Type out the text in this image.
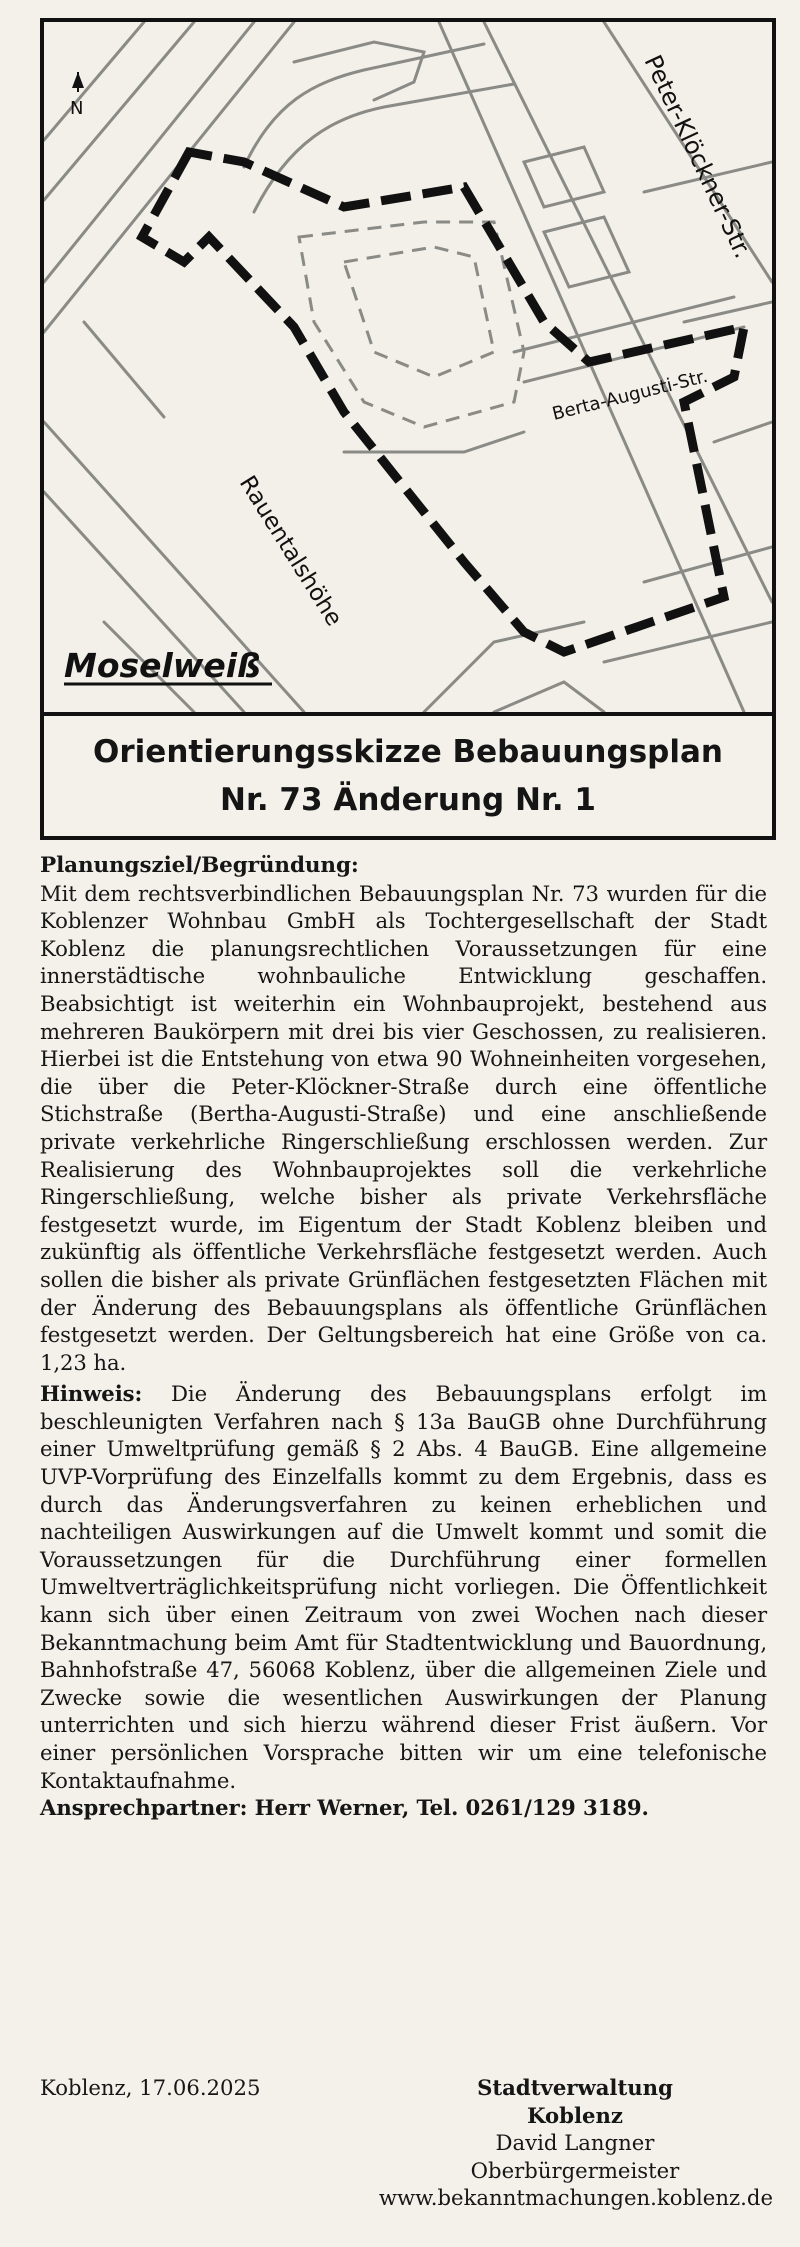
N	Peter-Klöckner-Str.
Berta-Augusti-Str.
Rauentalshöhe
Moselweiß
Orientierungsskizze Bebauungsplan
Nr. 73 Änderung Nr. 1

Planungsziel/Begründung:

Mit dem rechtsverbindlichen Bebauungsplan Nr. 73 wurden für die Koblenzer Wohnbau GmbH als Tochtergesellschaft der Stadt Koblenz die planungsrechtlichen Voraussetzungen für eine innerstädtische wohnbauliche Entwicklung geschaffen. Beabsichtigt ist weiterhin ein Wohnbauprojekt, bestehend aus mehreren Baukörpern mit drei bis vier Geschossen, zu realisieren. Hierbei ist die Entstehung von etwa 90 Wohneinheiten vorgesehen, die über die Peter-Klöckner-Straße durch eine öffentliche Stichstraße (Bertha-Augusti-Straße) und eine anschließende private verkehrliche Ringerschließung erschlossen werden. Zur Realisierung des Wohnbauprojektes soll die verkehrliche Ringerschließung, welche bisher als private Verkehrsfläche festgesetzt wurde, im Eigentum der Stadt Koblenz bleiben und zukünftig als öffentliche Verkehrsfläche festgesetzt werden. Auch sollen die bisher als private Grünflächen festgesetzten Flächen mit der Änderung des Bebauungsplans als öffentliche Grünflächen festgesetzt werden. Der Geltungsbereich hat eine Größe von ca. 1,23 ha.

Hinweis: Die Änderung des Bebauungsplans erfolgt im beschleunigten Verfahren nach § 13a BauGB ohne Durchführung einer Umweltprüfung gemäß § 2 Abs. 4 BauGB. Eine allgemeine UVP-Vorprüfung des Einzelfalls kommt zu dem Ergebnis, dass es durch das Änderungsverfahren zu keinen erheblichen und nachteiligen Auswirkungen auf die Umwelt kommt und somit die Voraussetzungen für die Durchführung einer formellen Umweltverträglichkeitsprüfung nicht vorliegen. Die Öffentlichkeit kann sich über einen Zeitraum von zwei Wochen nach dieser Bekanntmachung beim Amt für Stadtentwicklung und Bauordnung, Bahnhofstraße 47, 56068 Koblenz, über die allgemeinen Ziele und Zwecke sowie die wesentlichen Auswirkungen der Planung unterrichten und sich hierzu während dieser Frist äußern. Vor einer persönlichen Vorsprache bitten wir um eine telefonische Kontaktaufnahme.

Ansprechpartner: Herr Werner, Tel. 0261/129 3189.

Koblenz, 17.06.2025	Stadtverwaltung
Koblenz
David Langner
Oberbürgermeister
www.bekanntmachungen.koblenz.de
